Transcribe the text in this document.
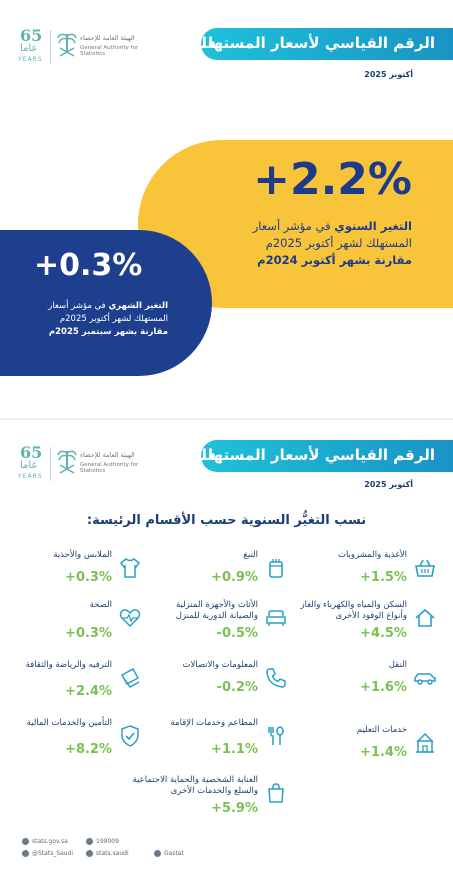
65
عاما
YEARS
الهيئة العامة للإحصاء
General Authority for Statistics
الرقم القياسي لأسعار المستهلك
أكتوبر 2025
+2.2%
التغير السنوي في مؤشر أسعار
المستهلك لشهر أكتوبر 2025م
مقارنة بشهر أكتوبر 2024م
+0.3%
التغير الشهري في مؤشر أسعار
المستهلك لشهر أكتوبر 2025م
مقارنة بشهر سبتمبر 2025م
65
عاما
YEARS
الهيئة العامة للإحصاء
General Authority for Statistics
الرقم القياسي لأسعار المستهلك
أكتوبر 2025
نسب التغيُّر السنوية حسب الأقسام الرئيسة:
الأغذية والمشروبات
+1.5%
التبغ
+0.9%
الملابس والأحذية
+0.3%
السكن والمياه والكهرباء والغاز وأنواع الوقود الأخرى
+4.5%
الأثاث والأجهزة المنزلية والصيانة الدورية للمنزل
-0.5%
الصحة
+0.3%
النقل
+1.6%
المعلومات والاتصالات
-0.2%
الترفيه والرياضة والثقافة
+2.4%
خدمات التعليم
+1.4%
المطاعم وخدمات الإقامة
+1.1%
التأمين والخدمات المالية
+8.2%
العناية الشخصية والحماية الاجتماعية والسلع والخدمات الأخرى
+5.9%
stats.gov.sa	199009
@Stats_Saudi	stats.saudi	Gastat
